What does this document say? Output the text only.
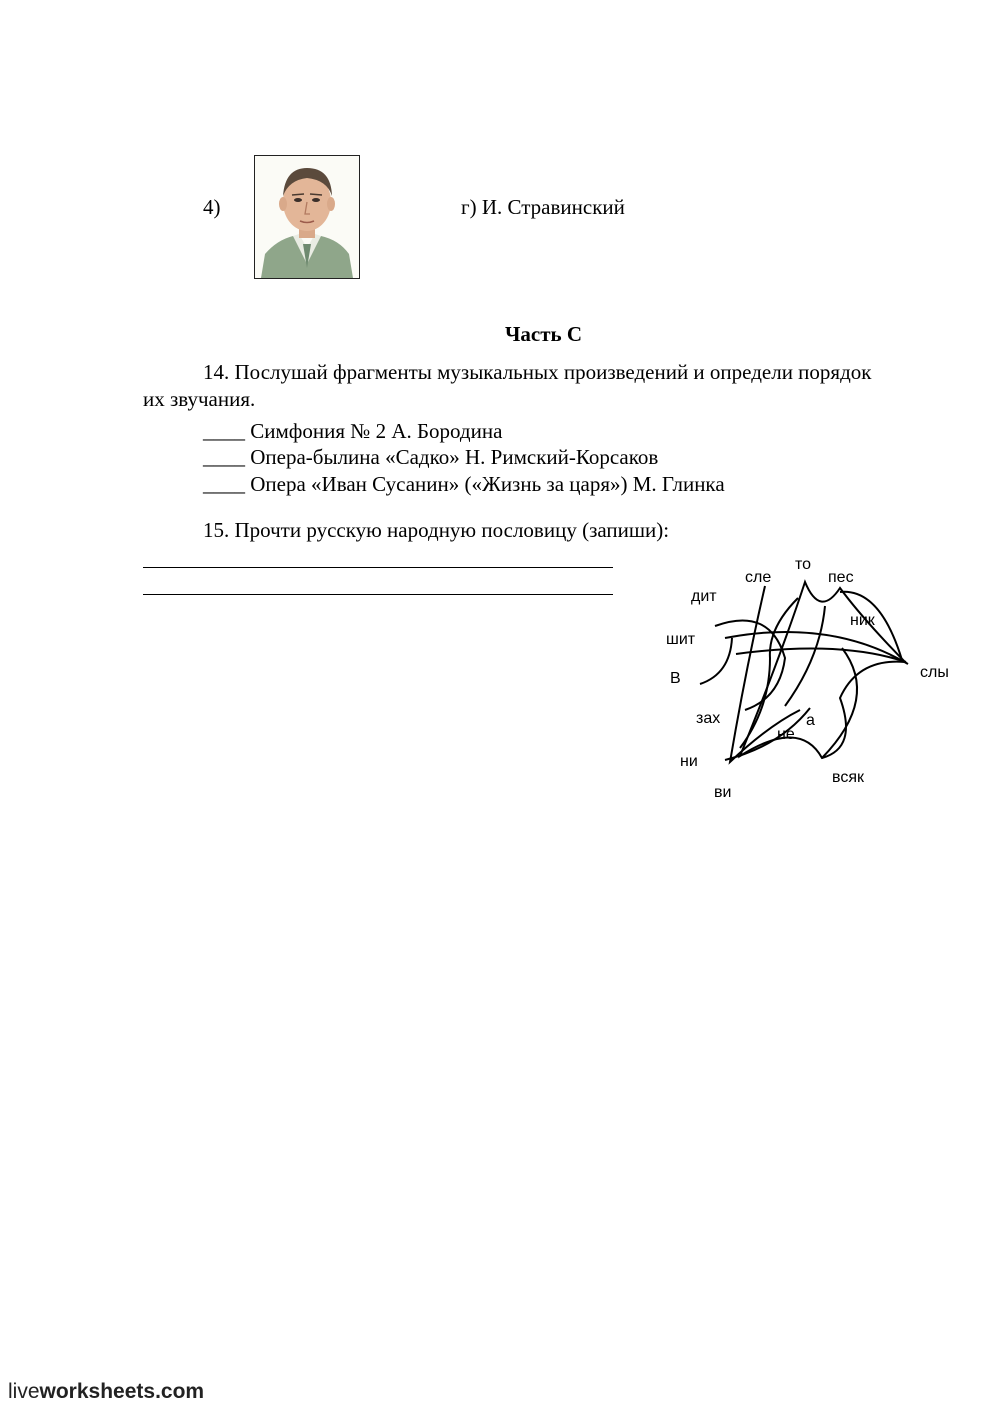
4)	г) И. Стравинский
Часть С
14. Послушай фрагменты музыкальных произведений и определи порядок
их звучания.
____ Симфония № 2 А. Бородина
____ Опера-былина «Садко» Н. Римский-Корсаков
____ Опера «Иван Сусанин» («Жизнь за царя») М. Глинка
15. Прочти русскую народную пословицу (запиши):
то
сле	пес
дит
ник
шит
слы
В
зах	а
не
ни
всяк
ви
liveworksheets.com
